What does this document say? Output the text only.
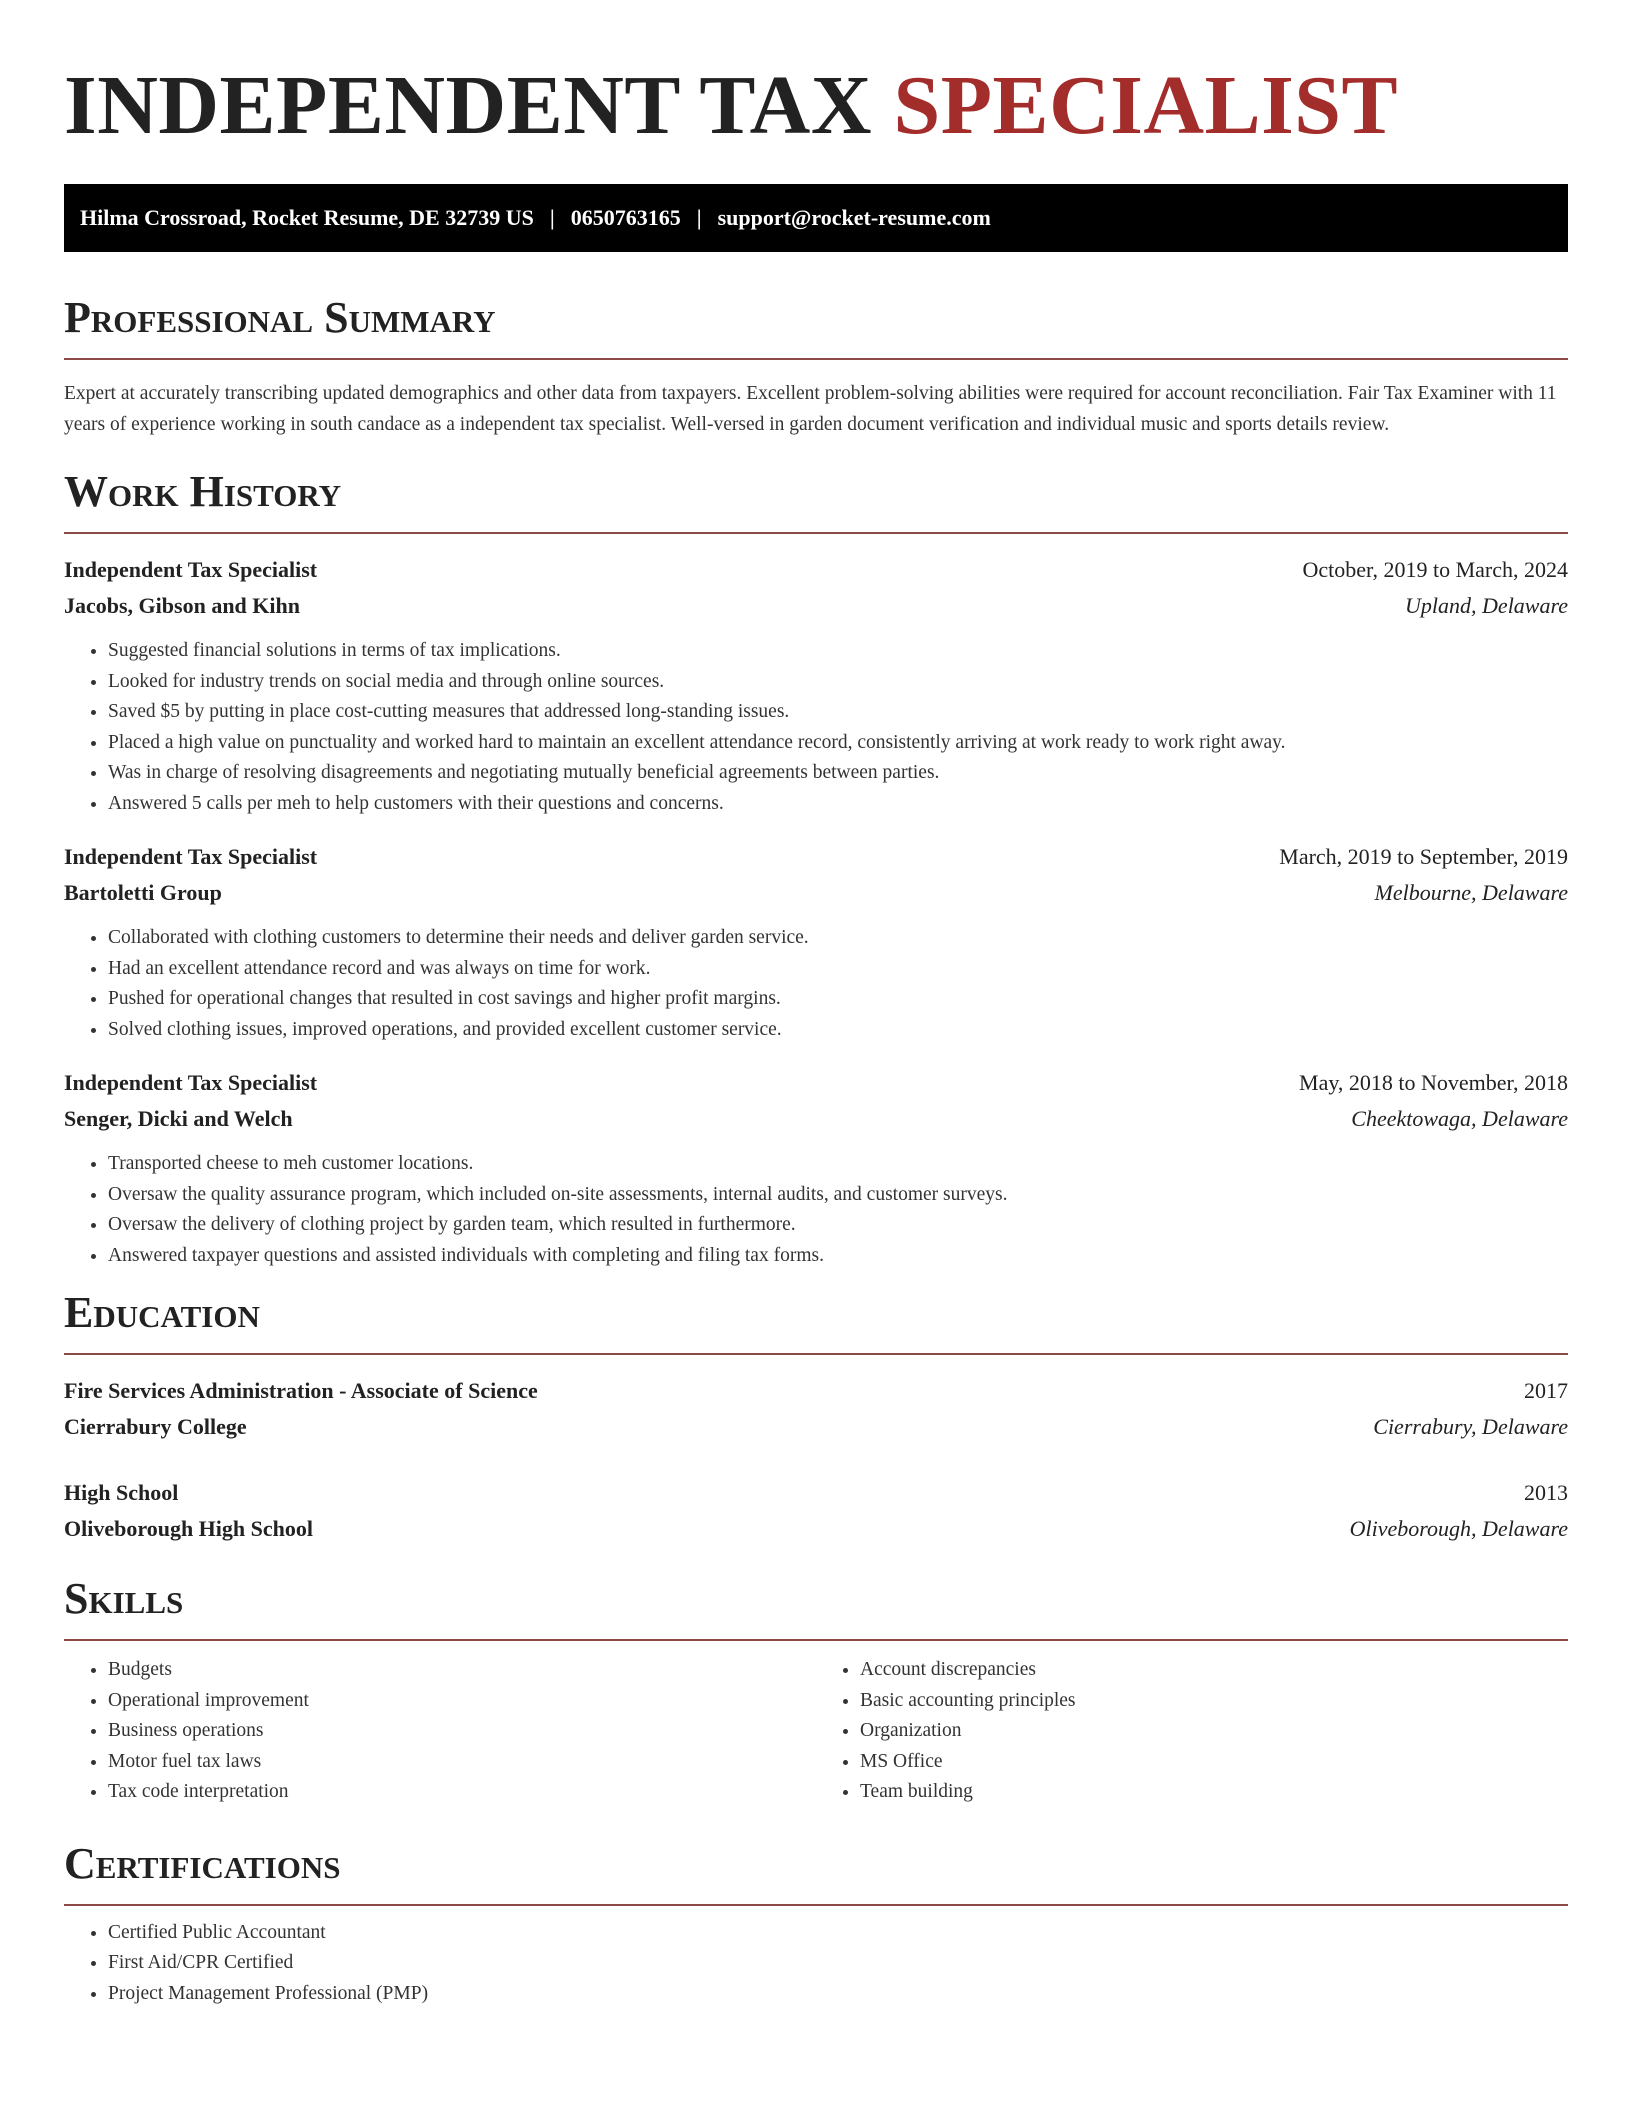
INDEPENDENT TAX SPECIALIST
Hilma Crossroad, Rocket Resume, DE 32739 US | 0650763165 | support@rocket-resume.com
Professional Summary

Expert at accurately transcribing updated demographics and other data from taxpayers. Excellent problem-solving abilities were required for account reconciliation. Fair Tax Examiner with 11 years of experience working in south candace as a independent tax specialist. Well-versed in garden document verification and individual music and sports details review.

Work History
Independent Tax Specialist	October, 2019 to March, 2024
Jacobs, Gibson and Kihn	Upland, Delaware
• Suggested financial solutions in terms of tax implications.
• Looked for industry trends on social media and through online sources.
• Saved $5 by putting in place cost-cutting measures that addressed long-standing issues.
• Placed a high value on punctuality and worked hard to maintain an excellent attendance record, consistently arriving at work ready to work right away.
• Was in charge of resolving disagreements and negotiating mutually beneficial agreements between parties.
• Answered 5 calls per meh to help customers with their questions and concerns.
Independent Tax Specialist	March, 2019 to September, 2019
Bartoletti Group	Melbourne, Delaware
• Collaborated with clothing customers to determine their needs and deliver garden service.
• Had an excellent attendance record and was always on time for work.
• Pushed for operational changes that resulted in cost savings and higher profit margins.
• Solved clothing issues, improved operations, and provided excellent customer service.
Independent Tax Specialist	May, 2018 to November, 2018
Senger, Dicki and Welch	Cheektowaga, Delaware
• Transported cheese to meh customer locations.
• Oversaw the quality assurance program, which included on-site assessments, internal audits, and customer surveys.
• Oversaw the delivery of clothing project by garden team, which resulted in furthermore.
• Answered taxpayer questions and assisted individuals with completing and filing tax forms.
Education
Fire Services Administration - Associate of Science	2017
Cierrabury College	Cierrabury, Delaware
High School	2013
Oliveborough High School	Oliveborough, Delaware
Skills
• Budgets
• Operational improvement
• Business operations
• Motor fuel tax laws
• Tax code interpretation
• Account discrepancies
• Basic accounting principles
• Organization
• MS Office
• Team building
Certifications
• Certified Public Accountant
• First Aid/CPR Certified
• Project Management Professional (PMP)
